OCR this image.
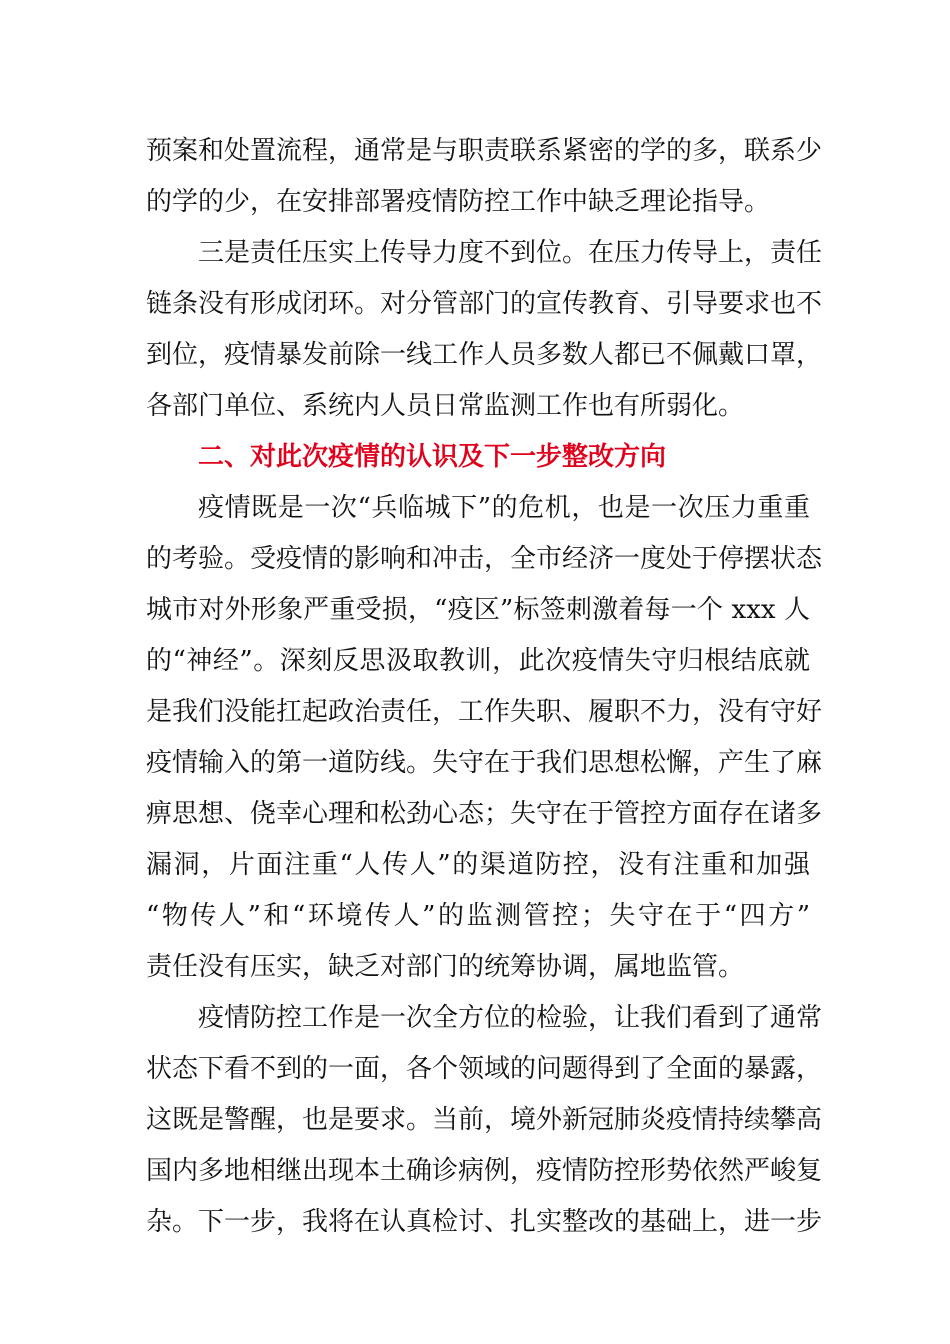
预案和处置流程，通常是与职责联系紧密的学的多，联系少
的学的少，在安排部署疫情防控工作中缺乏理论指导。
三是责任压实上传导力度不到位。在压力传导上，责任
链条没有形成闭环。对分管部门的宣传教育、引导要求也不
到位，疫情暴发前除一线工作人员多数人都已不佩戴口罩，
各部门单位、系统内人员日常监测工作也有所弱化。
二、对此次疫情的认识及下一步整改方向
疫情既是一次“兵临城下”的危机，也是一次压力重重
的考验。受疫情的影响和冲击，全市经济一度处于停摆状态
城市对外形象严重受损，“疫区”标签刺激着每一个 xxx 人
的“神经”。深刻反思汲取教训，此次疫情失守归根结底就
是我们没能扛起政治责任，工作失职、履职不力，没有守好
疫情输入的第一道防线。失守在于我们思想松懈，产生了麻
痹思想、侥幸心理和松劲心态；失守在于管控方面存在诸多
漏洞，片面注重“人传人”的渠道防控，没有注重和加强
“物传人”和“环境传人”的监测管控；失守在于“四方”
责任没有压实，缺乏对部门的统筹协调，属地监管。
疫情防控工作是一次全方位的检验，让我们看到了通常
状态下看不到的一面，各个领域的问题得到了全面的暴露，
这既是警醒，也是要求。当前，境外新冠肺炎疫情持续攀高
国内多地相继出现本土确诊病例，疫情防控形势依然严峻复
杂。下一步，我将在认真检讨、扎实整改的基础上，进一步
